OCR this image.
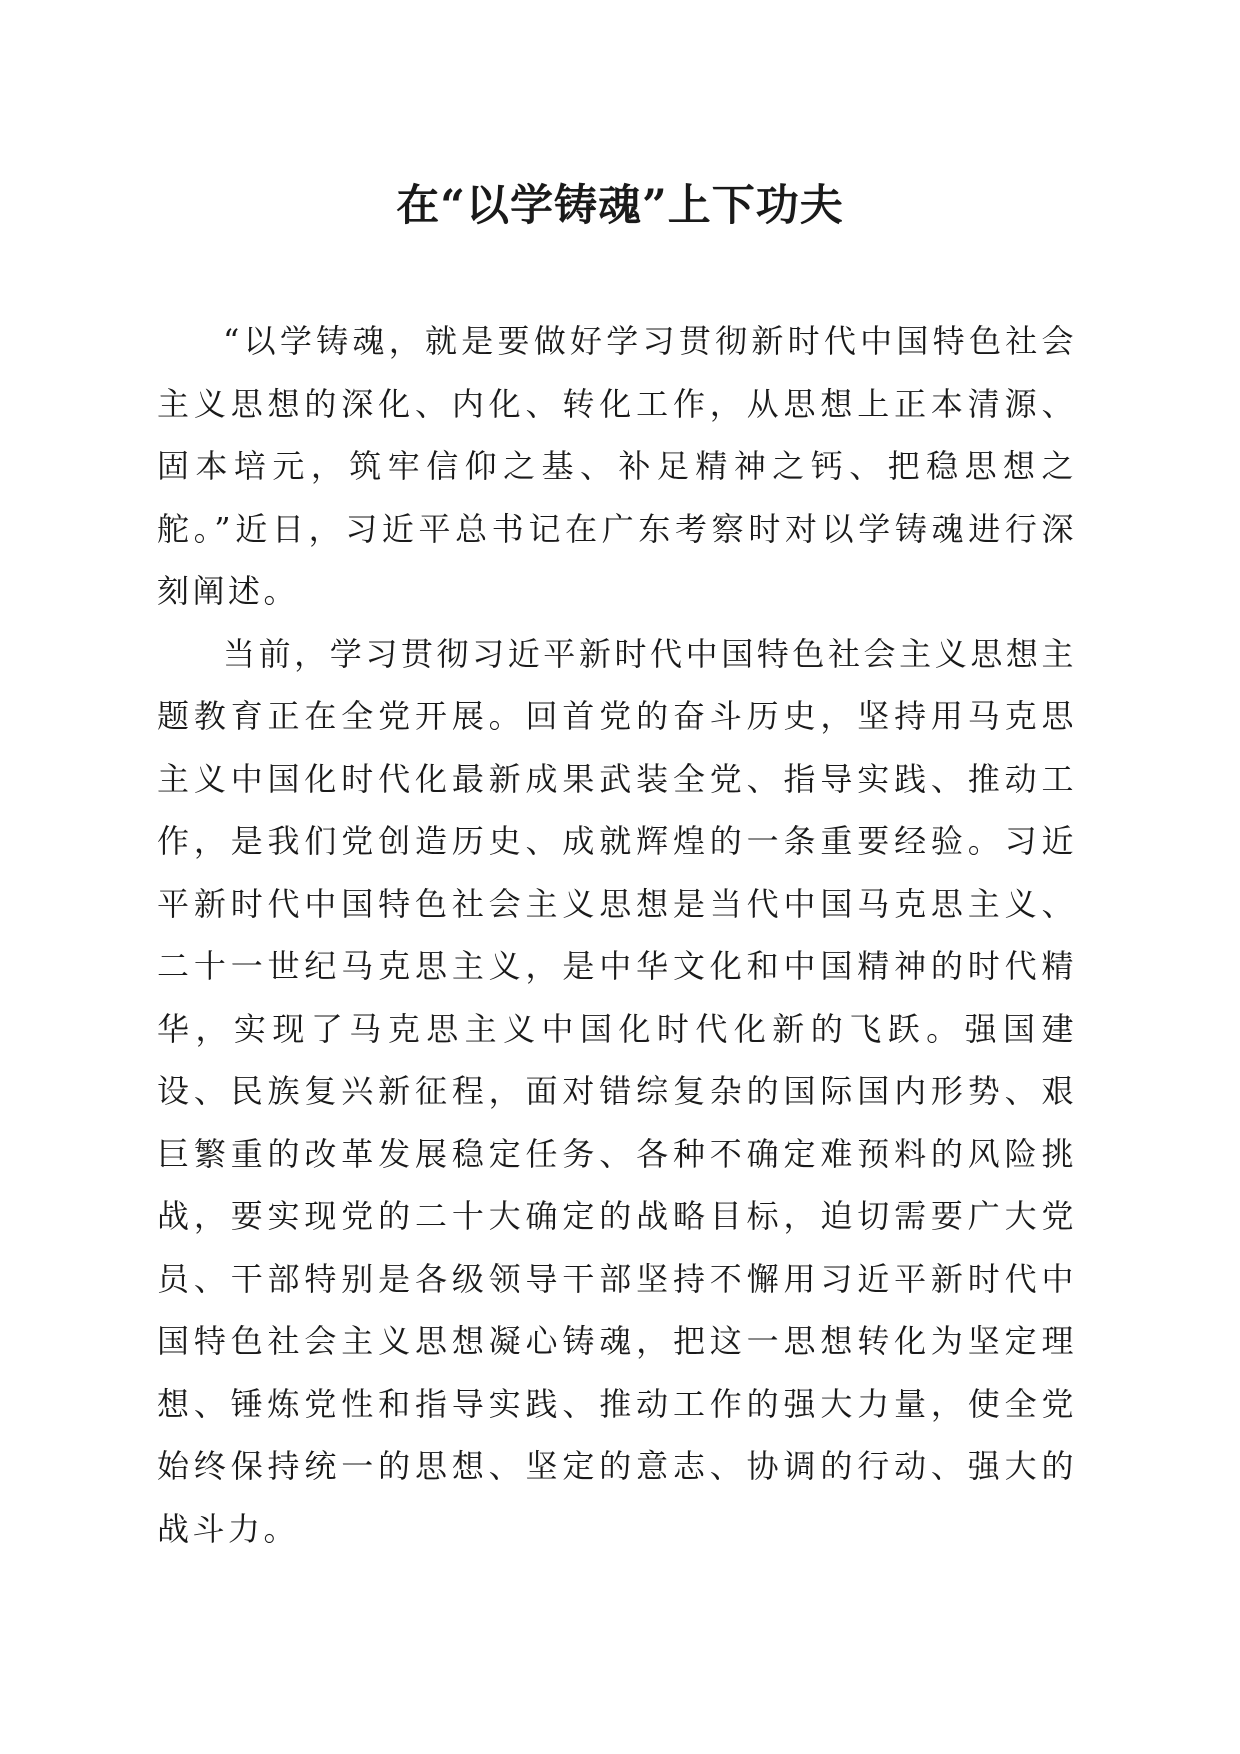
在“以学铸魂”上下功夫

“以学铸魂，就是要做好学习贯彻新时代中国特色社会主义思想的深化、内化、转化工作，从思想上正本清源、固本培元，筑牢信仰之基、补足精神之钙、把稳思想之舵。”近日，习近平总书记在广东考察时对以学铸魂进行深刻阐述。

当前，学习贯彻习近平新时代中国特色社会主义思想主题教育正在全党开展。回首党的奋斗历史，坚持用马克思主义中国化时代化最新成果武装全党、指导实践、推动工作，是我们党创造历史、成就辉煌的一条重要经验。习近平新时代中国特色社会主义思想是当代中国马克思主义、二十一世纪马克思主义，是中华文化和中国精神的时代精华，实现了马克思主义中国化时代化新的飞跃。强国建设、民族复兴新征程，面对错综复杂的国际国内形势、艰巨繁重的改革发展稳定任务、各种不确定难预料的风险挑战，要实现党的二十大确定的战略目标，迫切需要广大党员、干部特别是各级领导干部坚持不懈用习近平新时代中国特色社会主义思想凝心铸魂，把这一思想转化为坚定理想、锤炼党性和指导实践、推动工作的强大力量，使全党始终保持统一的思想、坚定的意志、协调的行动、强大的战斗力。
